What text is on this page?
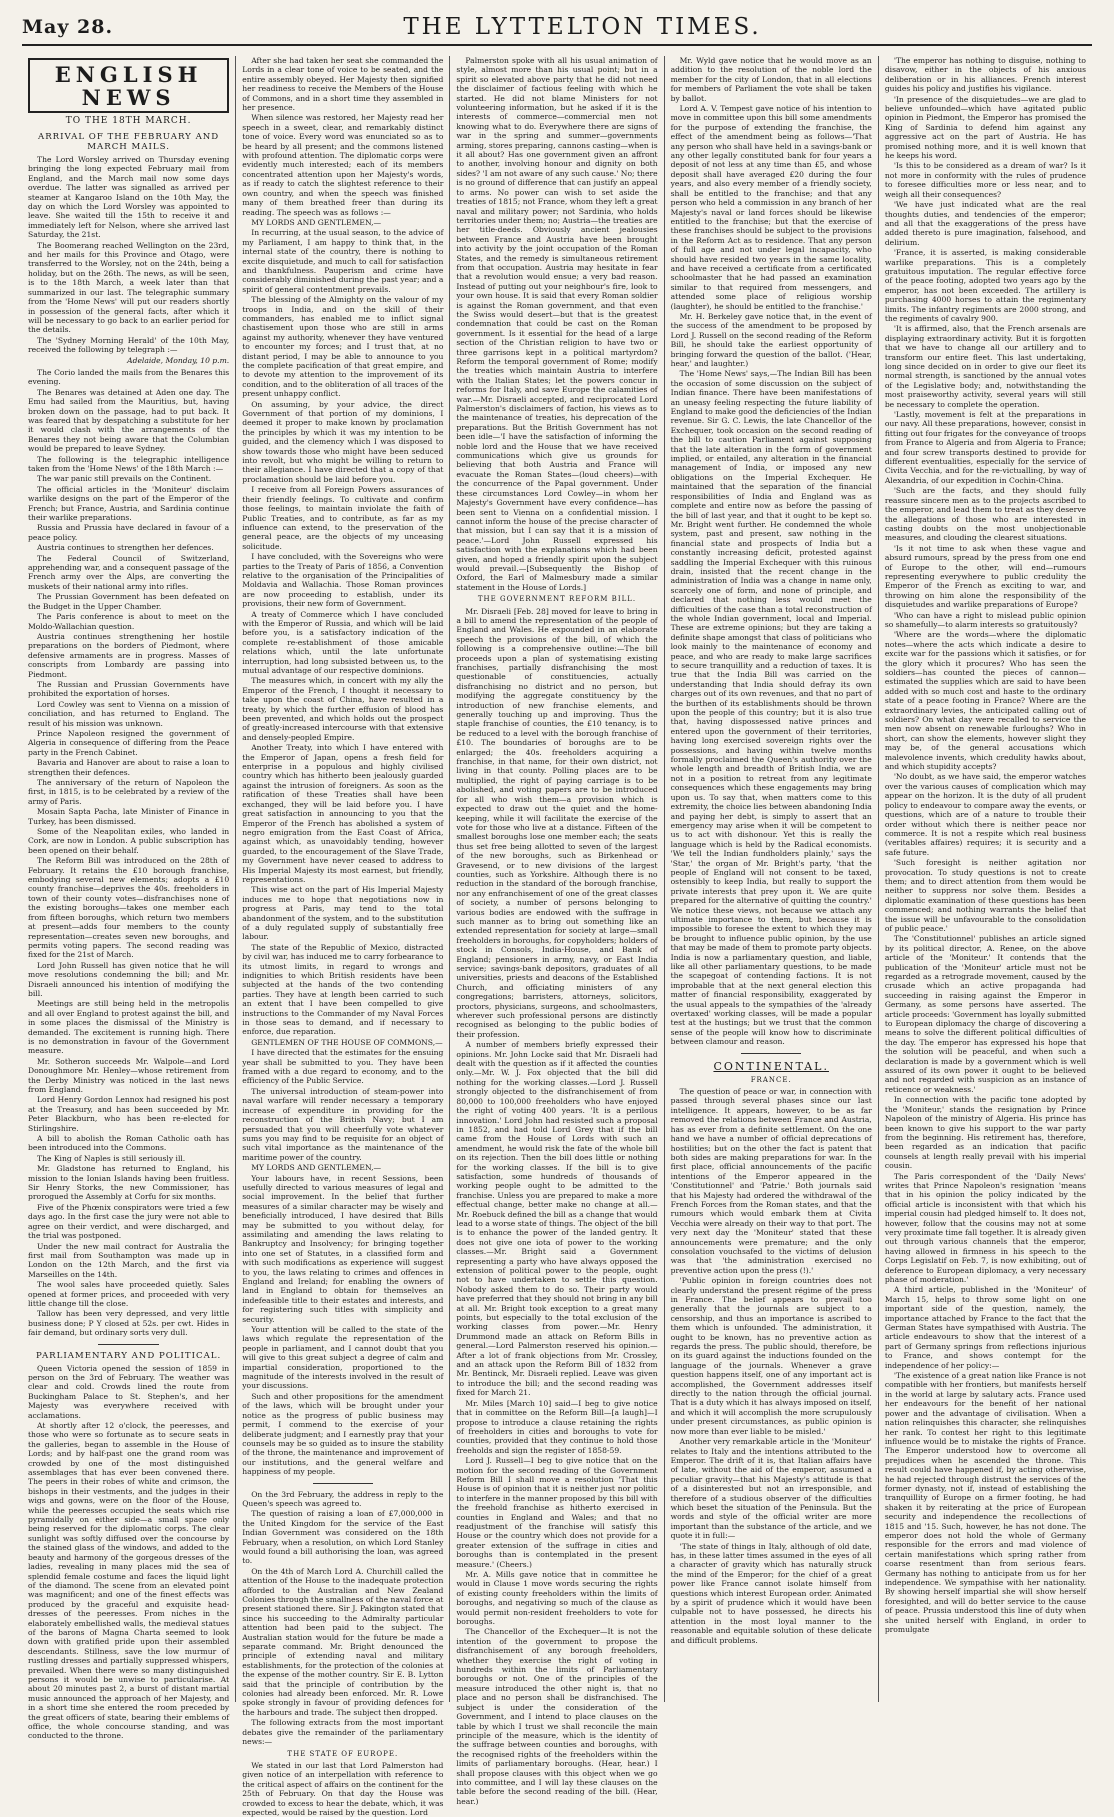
May 28.	THE LYTTELTON TIMES.
ENGLISH NEWS
TO THE 18TH MARCH.
ARRIVAL OF THE FEBRUARY AND MARCH MAILS.

The Lord Worsley arrived on Thursday evening bringing the long expected February mail from England, and the March mail now some days overdue. The latter was signalled as arrived per steamer at Kangaroo Island on the 10th May, the day on which the Lord Worsley was appointed to leave. She waited till the 15th to receive it and immediately left for Nelson, where she arrived last Saturday, the 21st.

The Boomerang reached Wellington on the 23rd, and her mails for this Province and Otago, were transferred to the Worsley, not on the 24th, being a holiday, but on the 26th. The news, as will be seen, is to the 18th March, a week later than that summarized in our last. The telegraphic summary from the 'Home News' will put our readers shortly in possession of the general facts, after which it will be necessary to go back to an earlier period for the details.

The 'Sydney Morning Herald' of the 10th May, received the following by telegraph :—

Adelaide, Monday, 10 p.m.

The Corio landed the mails from the Benares this evening.

The Benares was detained at Aden one day. The Emu had sailed from the Mauritius, but, having broken down on the passage, had to put back. It was feared that by despatching a substitute for her it would clash with the arrangements of the Benares they not being aware that the Columbian would be prepared to leave Sydney.

The following is the telegraphic intelligence taken from the 'Home News' of the 18th March :—

The war panic still prevails on the Continent.

The official articles in the 'Moniteur' disclaim warlike designs on the part of the Emperor of the French; but France, Austria, and Sardinia continue their warlike preparations.

Russia and Prussia have declared in favour of a peace policy.

Austria continues to strengthen her defences.

The Federal Council of Switzerland, apprehending war, and a consequent passage of the French army over the Alps, are converting the muskets of their national army into rifles.

The Prussian Government has been defeated on the Budget in the Upper Chamber.

The Paris conference is about to meet on the Moldo-Wallachian question.

Austria continues strengthening her hostile preparations on the borders of Piedmont, where defensive armaments are in progress. Masses of conscripts from Lombardy are passing into Piedmont.

The Russian and Prussian Governments have prohibited the exportation of horses.

Lord Cowley was sent to Vienna on a mission of conciliation, and has returned to England. The result of his mission was unknown.

Prince Napoleon resigned the government of Algeria in consequence of differing from the Peace party in the French Cabinet.

Bavaria and Hanover are about to raise a loan to strengthen their defences.

The anniversary of the return of Napoleon the first, in 1815, is to be celebrated by a review of the army of Paris.

Mosain Sapta Pacha, late Minister of Finance in Turkey, has been dismissed.

Some of the Neapolitan exiles, who landed in Cork, are now in London. A public subscription has been opened on their behalf.

The Reform Bill was introduced on the 28th of February. It retains the £10 borough franchise, embodying several new elements; adopts a £10 county franchise—deprives the 40s. freeholders in town of their county votes—disfranchises none of the existing boroughs—takes one member each from fifteen boroughs, which return two members at present—adds four members to the county representation—creates seven new boroughs, and permits voting papers. The second reading was fixed for the 21st of March.

Lord John Russell has given notice that he will move resolutions condemning the bill; and Mr. Disraeli announced his intention of modifying the bill.

Meetings are still being held in the metropolis and all over England to protest against the bill, and in some places the dismissal of the Ministry is demanded. The excitement is running high. There is no demonstration in favour of the Government measure.

Mr. Sotheron succeeds Mr. Walpole—and Lord Donoughmore Mr. Henley—whose retirement from the Derby Ministry was noticed in the last news from England.

Lord Henry Gordon Lennox had resigned his post at the Treasury, and has been succeeded by Mr. Peter Blackburn, who has been re-elected for Stirlingshire.

A bill to abolish the Roman Catholic oath has been introduced into the Commons.

The King of Naples is still seriously ill.

Mr. Gladstone has returned to England, his mission to the Ionian Islands having been fruitless. Sir Henry Storks, the new Commissioner, has prorogued the Assembly at Corfu for six months.

Five of the Phœnix conspirators were tried a few days ago. In the first case the jury were not able to agree on their verdict, and were discharged, and the trial was postponed.

Under the new mail contract for Australia the first mail from Southampton was made up in London on the 12th March, and the first via Marseilles on the 14th.

The wool sales have proceeded quietly. Sales opened at former prices, and proceeded with very little change till the close.

Tallow has been very depressed, and very little business done; P Y closed at 52s. per cwt. Hides in fair demand, but ordinary sorts very dull.

PARLIAMENTARY AND POLITICAL.

Queen Victoria opened the session of 1859 in person on the 3rd of February. The weather was clear and cold. Crowds lined the route from Buckingham Palace to St. Stephen's, and her Majesty was everywhere received with acclamations.

At shortly after 12 o'clock, the peeresses, and those who were so fortunate as to secure seats in the galleries, began to assemble in the House of Lords; and by half-past one the grand room was crowded by one of the most distinguished assemblages that has ever been convened there. The peers in their robes of white and crimson, the bishops in their vestments, and the judges in their wigs and gowns, were on the floor of the House, while the peeresses occupied the seats which rise pyramidally on either side—a small space only being reserved for the diplomatic corps. The clear sunlight was softly diffused over the concourse by the stained glass of the windows, and added to the beauty and harmony of the gorgeous dresses of the ladies, revealing in many places mid the sea of splendid female costume and faces the liquid light of the diamond. The scene from an elevated point was magnificent; and one of the finest effects was produced by the graceful and exquisite head-dresses of the peeresses. From niches in the elaborately embellished walls, the medieval statues of the barons of Magna Charta seemed to look down with gratified pride upon their assembled descendants. Stillness, save the low murmur of rustling dresses and partially suppressed whispers, prevailed. When there were so many distinguished persons it would be unwise to particularise. At about 20 minutes past 2, a burst of distant martial music announced the approach of her Majesty, and in a short time she entered the room preceded by the great officers of state, bearing their emblems of office, the whole concourse standing, and was conducted to the throne.

After she had taken her seat she commanded the Lords in a clear tone of voice to be seated, and the entire assembly obeyed. Her Majesty then signified her readiness to receive the Members of the House of Commons, and in a short time they assembled in her presence.

When silence was restored, her Majesty read her speech in a sweet, clear, and remarkably distinct tone of voice. Every word was enunciated so as to be heard by all present; and the commons listened with profound attention. The diplomatic corps were evidently much interested; each of its members concentrated attention upon her Majesty's words, as if ready to catch the slightest reference to their own country, and when the speech was finished many of them breathed freer than during its reading. The speech was as follows :—

MY LORDS AND GENTLEMEN,—

In recurring, at the usual season, to the advice of my Parliament, I am happy to think that, in the internal state of the country, there is nothing to excite disquietude, and much to call for satisfaction and thankfulness. Pauperism and crime have considerably diminished during the past year; and a spirit of general contentment prevails.

The blessing of the Almighty on the valour of my troops in India, and on the skill of their commanders, has enabled me to inflict signal chastisement upon those who are still in arms against my authority, whenever they have ventured to encounter my forces; and I trust that, at no distant period, I may be able to announce to you the complete pacification of that great empire, and to devote my attention to the improvement of its condition, and to the obliteration of all traces of the present unhappy conflict.

On assuming, by your advice, the direct Government of that portion of my dominions, I deemed it proper to make known by proclamation the principles by which it was my intention to be guided, and the clemency which I was disposed to show towards those who might have been seduced into revolt, but who might be willing to return to their allegiance. I have directed that a copy of that proclamation should be laid before you.

I receive from all Foreign Powers assurances of their friendly feelings. To cultivate and confirm those feelings, to maintain inviolate the faith of Public Treaties, and to contribute, as far as my influence can extend, to the preservation of the general peace, are the objects of my unceasing solicitude.

I have concluded, with the Sovereigns who were parties to the Treaty of Paris of 1856, a Convention relative to the organisation of the Principalities of Moldavia and Wallachia. Those Roman provinces are now proceeding to establish, under its provisions, their new form of Government.

A treaty of Commerce which I have concluded with the Emperor of Russia, and which will be laid before you, is a satisfactory indication of the complete re-establishment of those amicable relations which, until the late unfortunate interruption, had long subsisted between us, to the mutual advantage of our respective dominions.

The measures which, in concert with my ally the Emperor of the French, I thought it necessary to take upon the coast of China, have resulted in a treaty, by which the further effusion of blood has been prevented, and which holds out the prospect of greatly-increased intercourse with that extensive and densely-peopled Empire.

Another Treaty, into which I have entered with the Emperor of Japan, opens a fresh field for enterprise in a populous and highly civilised country which has hitherto been jealously guarded against the intrusion of foreigners. As soon as the ratification of these Treaties shall have been exchanged, they will be laid before you. I have great satisfaction in announcing to you that the Emperor of the French has abolished a system of negro emigration from the East Coast of Africa, against which, as unavoidably tending, however guarded, to the encouragement of the Slave Trade, my Government have never ceased to address to His Imperial Majesty its most earnest, but friendly, representations.

This wise act on the part of His Imperial Majesty induces me to hope that negotiations now in progress at Paris, may tend to the total abandonment of the system, and to the substitution of a duly regulated supply of substantially free labour.

The state of the Republic of Mexico, distracted by civil war, has induced me to carry forbearance to its utmost limits, in regard to wrongs and indignities to which British residents have been subjected at the hands of the two contending parties. They have at length been carried to such an extent that I have been compelled to give instructions to the Commander of my Naval Forces in those seas to demand, and if necessary to enforce, due reparation.

GENTLEMEN OF THE HOUSE OF COMMONS,—

I have directed that the estimates for the ensuing year shall be submitted to you. They have been framed with a due regard to economy, and to the efficiency of the Public Service.

The universal introduction of steam-power into naval warfare will render necessary a temporary increase of expenditure in providing for the reconstruction of the British Navy; but I am persuaded that you will cheerfully vote whatever sums you may find to be requisite for an object of such vital importance as the maintenance of the maritime power of the country.

MY LORDS AND GENTLEMEN,—

Your labours have, in recent Sessions, been usefully directed to various measures of legal and social improvement. In the belief that further measures of a similar character may be wisely and beneficially introduced, I have desired that Bills may be submitted to you without delay, for assimilating and amending the laws relating to Bankruptcy and Insolvency; for bringing together into one set of Statutes, in a classified form and with such modifications as experience will suggest to you, the laws relating to crimes and offences in England and Ireland; for enabling the owners of land in England to obtain for themselves an indefeasible title to their estates and interests, and for registering such titles with simplicity and security.

Your attention will be called to the state of the laws which regulate the representation of the people in parliament, and I cannot doubt that you will give to this great subject a degree of calm and impartial consideration, proportioned to the magnitude of the interests involved in the result of your discussions.

Such and other propositions for the amendment of the laws, which will be brought under your notice as the progress of public business may permit, I commend to the exercise of your deliberate judgment; and I earnestly pray that your counsels may be so guided as to insure the stability of the throne, the maintenance and improvement of our institutions, and the general welfare and happiness of my people.

On the 3rd February, the address in reply to the Queen's speech was agreed to.

The question of raising a loan of £7,000,000 in the United Kingdom for the service of the East Indian Government was considered on the 18th February, when a resolution, on which Lord Stanley would found a bill authorising the loan, was agreed to.

On the 4th of March Lord A. Churchill called the attention of the House to the inadequate protection afforded to the Australian and New Zealand Colonies through the smallness of the naval force at present stationed there. Sir J. Pakington stated that since his succeeding to the Admiralty particular attention had been paid to the subject. The Australian station would for the future be made a separate command. Mr. Bright denounced the principle of extending naval and military establishments, for the protection of the colonies at the expense of the mother country. Sir E. B. Lytton said that the principle of contribution by the colonies had already been enforced. Mr. R. Lowe spoke strongly in favour of providing defences for the harbours and trade. The subject then dropped.

The following extracts from the most important debates give the remainder of the parliamentary news:—

THE STATE OF EUROPE.

We stated in our last that Lord Palmerston had given notice of an interpellation with reference to the critical aspect of affairs on the continent for the 25th of February. On that day the House was crowded to excess to hear the debate, which, it was expected, would be raised by the question. Lord

Palmerston spoke with all his usual animation of style, almost more than his usual point; but in a spirit so elevated above party that he did not need the disclaimer of factious feeling with which he started. He did not blame Ministers for not volunteering information, but he asked if it is the interests of commerce—commercial men not knowing what to do. Everywhere there are signs of war in the spring and summer—governments arming, stores preparing, cannons casting—when is it all about? Has one government given an affront to another, involving honour and dignity on both sides? 'I am not aware of any such cause.' No; there is no ground of difference that can justify an appeal to arms. No power can wish to set aside the treaties of 1815; not France, whom they left a great naval and military power; not Sardinia, who holds territories under them; no; Austria—the treaties are her title-deeds. Obviously ancient jealousies between France and Austria have been brought into activity by the joint occupation of the Roman States, and the remedy is simultaneous retirement from that occupation. Austria may hesitate in fear that a revolution would ensue; a very bad reason. Instead of putting out your neighbour's fire, look to your own house. It is said that every Roman soldier is against the Roman government, and that even the Swiss would desert—but that is the greatest condemnation that could be cast on the Roman government. Is it essential for the head of a large section of the Christian religion to have two or three garrisons kept in a political martyrdom? Reform the temporal government of Rome; modify the treaties which maintain Austria to interfere with the Italian States; let the powers concur in reforms for Italy, and save Europe the calamities of war.—Mr. Disraeli accepted, and reciprocated Lord Palmerston's disclaimers of faction, his views as to the maintenance of treaties, his deprecation of the preparations. But the British Government has not been idle—'I have the satisfaction of informing the noble lord and the House that we have received communications which give us grounds for believing that both Austria and France will evacuate the Roman States—(loud cheers)—with the concurrence of the Papal government. Under these circumstances Lord Cowley—in whom her Majesty's Government have every confidence—has been sent to Vienna on a confidential mission. I cannot inform the house of the precise character of that mission, but I can say that it is a mission of peace.'—Lord John Russell expressed his satisfaction with the explanations which had been given, and hoped a friendly spirit upon the subject would prevail.—[Subsequently the Bishop of Oxford, the Earl of Malmesbury made a similar statement in the House of Lords.]

THE GOVERNMENT REFORM BILL.

Mr. Disraeli [Feb. 28] moved for leave to bring in a bill to amend the representation of the people of England and Wales. He expounded in an elaborate speech the provisions of the bill, of which the following is a comprehensive outline:—The bill proceeds upon a plan of systematising existing franchises, partially disfranchising the most questionable of constituencies, actually disfranchising no district and no person, but modifying the aggregate constituency by the introduction of new franchise elements, and generally touching up and improving. Thus the staple franchise of counties, the £10 tenancy, is to be reduced to a level with the borough franchise of £10. The boundaries of boroughs are to be enlarged; the 40s. freeholders acquiring a franchise, in that name, for their own district, not living in that county. Polling places are to be multiplied, the right of paying carriage is to be abolished, and voting papers are to be introduced for all who wish them—a provision which is expected to draw out the quiet and the home-keeping, while it will facilitate the exercise of the vote for those who live at a distance. Fifteen of the smallest boroughs lose one member each; the seats thus set free being allotted to seven of the largest of the new boroughs, such as Birkenhead or Gravesend, or to new divisions of the largest counties, such as Yorkshire. Although there is no reduction in the standard of the borough franchise, nor any enfranchisement of one of the great classes of society, a number of persons belonging to various bodies are endowed with the suffrage in such manner as to bring out something like an extended representation for society at large—small freeholders in boroughs, for copyholders; holders of stock in Consols, India-House, and Bank of England; pensioners in army, navy, or East India service; savings-bank depositors, graduates of all universities, priests and deacons of the Established Church, and officiating ministers of any congregations; barristers, attorneys, solicitors, proctors, physicians, surgeons, and schoolmasters, wherever such professional persons are distinctly recognised as belonging to the public bodies of their profession.

A number of members briefly expressed their opinions. Mr. John Locke said that Mr. Disraeli had dealt with the question as if it affected the counties only.—Mr. W. J. Fox objected that the bill did nothing for the working classes.—Lord J. Russell strongly objected to the disfranchisement of from 80,000 to 100,000 freeholders who have enjoyed the right of voting 400 years. 'It is a perilous innovation.' Lord John had resisted such a proposal in 1852, and had told Lord Grey that if the bill came from the House of Lords with such an amendment, he would risk the fate of the whole bill on its rejection. Then the bill does little or nothing for the working classes. If the bill is to give satisfaction, some hundreds of thousands of working people ought to be admitted to the franchise. Unless you are prepared to make a more effectual change, better make no change at all.—Mr. Roebuck defined the bill as a change that would lead to a worse state of things. The object of the bill is to enhance the power of the landed gentry. It does not give one iota of power to the working classes.—Mr. Bright said a Government representing a party who have always opposed the extension of political power to the people, ought not to have undertaken to settle this question. Nobody asked them to do so. Their party would have preferred that they should not bring in any bill at all. Mr. Bright took exception to a great many points, but especially to the total exclusion of the working classes from power.—Mr. Henry Drummond made an attack on Reform Bills in general.—Lord Palmerston reserved his opinion.—After a lot of frank objections from Mr. Crossley, and an attack upon the Reform Bill of 1832 from Mr. Bentinck, Mr. Disraeli replied. Leave was given to introduce the bill; and the second reading was fixed for March 21.

Mr. Miles [March 10] said—I beg to give notice that in committee on the Reform Bill—[a laugh]—I propose to introduce a clause retaining the rights of freeholders in cities and boroughs to vote for counties, provided that they continue to hold those freeholds and sign the register of 1858-59.

Lord J. Russell—I beg to give notice that on the motion for the second reading of the Government Reform Bill I shall move a resolution 'That this House is of opinion that it is neither just nor politic to interfere in the manner proposed by this bill with the freehold franchise as hitherto exercised in counties in England and Wales; and that no readjustment of the franchise will satisfy this House or the country which does not provide for a greater extension of the suffrage in cities and boroughs than is contemplated in the present measure.' (Cheers.)

Mr. A. Mills gave notice that in committee he would in Clause 1 move words securing the rights of existing county freeholders within the limits of boroughs, and negativing so much of the clause as would permit non-resident freeholders to vote for boroughs.

The Chancellor of the Exchequer—It is not the intention of the government to propose the disfranchisement of any borough freeholders, whether they exercise the right of voting in hundreds within the limits of Parliamentary boroughs or not. One of the principles of the measure introduced the other night is, that no place and no person shall be disfranchised. The subject is under the consideration of the Government, and I intend to place clauses on the table by which I trust we shall reconcile the main principle of the measure, which is the identity of the suffrage between counties and boroughs, with the recognised rights of the freeholders within the limits of parliamentary boroughs. (Hear, hear.) I shall propose clauses with this object when we go into committee, and I will lay these clauses on the table before the second reading of the bill. (Hear, hear.)

Mr. Wyld gave notice that he would move as an addition to the resolution of the noble lord the member for the city of London, that in all elections for members of Parliament the vote shall be taken by ballot.

Lord A. V. Tempest gave notice of his intention to move in committee upon this bill some amendments for the purpose of extending the franchise, the effect of the amendment being as follows—'That any person who shall have held in a savings-bank or any other legally constituted bank for four years a deposit of not less at any time than £5, and whose deposit shall have averaged £20 during the four years, and also every member of a friendly society, shall be entitled to the franchise; and that any person who held a commission in any branch of her Majesty's naval or land forces should be likewise entitled to the franchise; but that the exercise of these franchises should be subject to the provisions in the Reform Act as to residence. That any person of full age and not under legal incapacity, who should have resided two years in the same locality, and have received a certificate from a certificated schoolmaster that he had passed an examination similar to that required from messengers, and attended some place of religious worship (laughter), he should be entitled to the franchise.'

Mr. H. Berkeley gave notice that, in the event of the success of the amendment to be proposed by Lord J. Russell on the second reading of the Reform Bill, he should take the earliest opportunity of bringing forward the question of the ballot. ('Hear, hear,' and laughter.)

The 'Home News' says,—The Indian Bill has been the occasion of some discussion on the subject of Indian finance. There have been manifestations of an uneasy feeling respecting the future liability of England to make good the deficiencies of the Indian revenue. Sir G. C. Lewis, the late Chancellor of the Exchequer, took occasion on the second reading of the bill to caution Parliament against supposing that the late alteration in the form of government implied, or entailed, any alteration in the financial management of India, or imposed any new obligations on the Imperial Exchequer. He maintained that the separation of the financial responsibilities of India and England was as complete and entire now as before the passing of the bill of last year, and that it ought to be kept so. Mr. Bright went further. He condemned the whole system, past and present, saw nothing in the financial state and prospects of India but a constantly increasing deficit, protested against saddling the Imperial Exchequer with this ruinous drain, insisted that the recent change in the administration of India was a change in name only, scarcely one of form, and none of principle, and declared that nothing less would meet the difficulties of the case than a total reconstruction of the whole Indian government, local and Imperial. These are extreme opinions; but they are taking a definite shape amongst that class of politicians who look mainly to the maintenance of economy and peace, and who are ready to make large sacrifices to secure tranquillity and a reduction of taxes. It is true that the India Bill was carried on the understanding that India should defray its own charges out of its own revenues, and that no part of the burthen of its establishments should be thrown upon the people of this country; but it is also true that, having dispossessed native princes and entered upon the government of their territories, having long exercised sovereign rights over the possessions, and having within twelve months formally proclaimed the Queen's authority over the whole length and breadth of British India, we are not in a position to retreat from any legitimate consequences which these engagements may bring upon us. To say that, when matters come to this extremity, the choice lies between abandoning India and paying her debt, is simply to assert that an emergency may arise when it will be competent to us to act with dishonour. Yet this is really the language which is held by the Radical economists. 'We tell the Indian fundholders plainly,' says the 'Star,' the organ of Mr. Bright's party, 'that the people of England will not consent to be taxed, ostensibly to keep India, but really to support the private interests that prey upon it. We are quite prepared for the alternative of quitting the country.' We notice these views, not because we attach any ultimate importance to them, but because it is impossible to foresee the extent to which they may be brought to influence public opinion, by the use that may be made of them to promote party objects. India is now a parliamentary question, and liable, like all other parliamentary questions, to be made the scapegoat of contending factions. It is not improbable that at the next general election this matter of financial responsibility, exaggerated by the usual appeals to the sympathies of the 'already overtaxed' working classes, will be made a popular test at the hustings; but we trust that the common sense of the people will know how to discriminate between clamour and reason.

CONTINENTAL.
FRANCE.

The question of peace or war, in connection with passed through several phases since our last intelligence. It appears, however, to be as far removed the relations between France and Austria, has as ever from a definite settlement. On the one hand we have a number of official deprecations of hostilities; but on the other the fact is patent that both sides are making preparations for war. In the first place, official announcements of the pacific intentions of the Emperor appeared in the 'Constitutionnel' and 'Patrie.' Both journals said that his Majesty had ordered the withdrawal of the French Forces from the Roman states, and that the rumours which would embark them at Civita Vecchia were already on their way to that port. The very next day the 'Moniteur' stated that these announcements were premature; and the only consolation vouchsafed to the victims of delusion was that 'the administration exercised no preventive action upon the press (!).'

'Public opinion in foreign countries does not clearly understand the present régime of the press in France. The belief appears to prevail too generally that the journals are subject to a censorship, and thus an importance is ascribed to them which is unfounded. The administration, it ought to be known, has no preventive action as regards the press. The public should, therefore, be on its guard against the inductions founded on the language of the journals. Whenever a grave question happens itself, one of any important act is accomplished, the Government addresses itself directly to the nation through the official journal. That is a duty which it has always imposed on itself, and which it will accomplish the more scrupulously under present circumstances, as public opinion is now more than ever liable to be misled.'

Another very remarkable article in the 'Moniteur' relates to Italy and the intentions attributed to the Emperor. The drift of it is, that Italian affairs have of late, without the aid of the emperor, assumed a peculiar gravity—that his Majesty's attitude is that of a disinterested but not an irresponsible, and therefore of a studious observer of the difficulties which beset the situation of the Peninsula. But the words and style of the official writer are more important than the substance of the article, and we quote it in full:—

'The state of things in Italy, although of old date, has, in these latter times assumed in the eyes of all a character of gravity which has naturally struck the mind of the Emperor; for the chief of a great power like France cannot isolate himself from questions which interest European order. Animated by a spirit of prudence which it would have been culpable not to have possessed, he directs his attention in the most loyal manner to the reasonable and equitable solution of these delicate and difficult problems.

'The emperor has nothing to disguise, nothing to disavow, either in the objects of his anxious deliberation or in his alliances. French interest guides his policy and justifies his vigilance.

'In presence of the disquietudes—we are glad to believe unfounded—which have agitated public opinion in Piedmont, the Emperor has promised the King of Sardinia to defend him against any aggressive act on the part of Austria. He has promised nothing more, and it is well known that he keeps his word.

'Is this to be considered as a dream of war? Is it not more in conformity with the rules of prudence to foresee difficulties more or less near, and to weigh all their consequences?

'We have just indicated what are the real thoughts duties, and tendencies of the emperor; and all that the exaggerations of the press have added thereto is pure imagination, falsehood, and delirium.

'France, it is asserted, is making considerable warlike preparations. This is a completely gratuitous imputation. The regular effective force of the peace footing, adopted two years ago by the emperor, has not been exceeded. The artillery is purchasing 4000 horses to attain the regimentary limits. The infantry regiments are 2000 strong, and the regiments of cavalry 900.

'It is affirmed, also, that the French arsenals are displaying extraordinary activity. But it is forgotten that we have to change all our artillery and to transform our entire fleet. This last undertaking, long since decided on in order to give our fleet its normal strength, is sanctioned by the annual votes of the Legislative body; and, notwithstanding the most praiseworthy activity, several years will still be necessary to complete the operation.

'Lastly, movement is felt at the preparations in our navy. All these preparations, however, consist in fitting out four frigates for the conveyance of troops from France to Algeria and from Algeria to France; and four screw transports destined to provide for different eventualities, especially for the service of Civita Vecchia, and for the re-victualling, by way of Alexandria, of our expedition in Cochin-China.

'Such are the facts, and they should fully reassure sincere men as to the projects ascribed to the emperor, and lead them to treat as they deserve the allegations of those who are interested in casting doubts on the most unobjectionable measures, and clouding the clearest situations.

'Is it not time to ask when these vague and absurd rumours, spread by the press from one end of Europe to the other, will end—rumours representing everywhere to public credulity the Emperor of the French as exciting to war, and throwing on him alone the responsibility of the disquietudes and warlike preparations of Europe?

'Who can have a right to mislead public opinion so shamefully—to alarm interests so gratuitously?

'Where are the words—where the diplomatic notes—where the acts which indicate a desire to excite war for the passions which it satisfies, or for the glory which it procures? Who has seen the soldiers—has counted the pieces of cannon—estimated the supplies which are said to have been added with so much cost and haste to the ordinary state of a peace footing in France? Where are the extraordinary levies, the anticipated calling out of soldiers? On what day were recalled to service the men now absent on renewable furloughs? Who in short, can show the elements, however slight they may be, of the general accusations which malevolence invents, which credulity hawks about, and which stupidity accepts?

'No doubt, as we have said, the emperor watches over the various causes of complication which may appear on the horizon. It is the duty of all prudent policy to endeavour to compare away the events, or questions, which are of a nature to trouble their order without which there is neither peace nor commerce. It is not a respite which real business (veritables affaires) requires; it is security and a safe future.

'Such foresight is neither agitation nor provocation. To study questions is not to create them; and to direct attention from them would be neither to suppress nor solve them. Besides a diplomatic examination of these questions has been commenced; and nothing warrants the belief that the issue will be unfavourable to the consolidation of public peace.'

The 'Constitutionnel' publishes an article signed by its political director, A. Renee, on the above article of the 'Moniteur.' It contends that the publication of the 'Moniteur' article must not be regarded as a retrograde movement, caused by the crusade which an active propaganda had succeeding in raising against the Emperor in Germany, as some persons have asserted. The article proceeds: 'Government has loyally submitted to European diplomacy the charge of discovering a means to solve the different political difficulties of the day. The emperor has expressed his hope that the solution will be peaceful, and when such a declaration is made by a government which is well assured of its own power it ought to be believed and not regarded with suspicion as an instance of reticence or weakness.'

In connection with the pacific tone adopted by the 'Moniteur,' stands the resignation by Prince Napoleon of the ministry of Algeria. His prince has been known to give his support to the war party from the beginning. His retirement has, therefore, been regarded as an indication that pacific counsels at length really prevail with his imperial cousin.

The Paris correspondent of the 'Daily News' writes that Prince Napoleon's resignation 'means that in his opinion the policy indicated by the official article is inconsistent with that which his imperial cousin had pledged himself to. It does not, however, follow that the cousins may not at some very proximate time fall together. It is already given out through various channels that the emperor, having allowed in firmness in his speech to the Corps Legislatif on Feb. 7, is now exhibiting, out of deference to European diplomacy, a very necessary phase of moderation.'

A third article, published in the 'Moniteur' of March 15, helps to throw some light on one important side of the question, namely, the importance attached by France to the fact that the German States have sympathised with Austria. The article endeavours to show that the interest of a part of Germany springs from reflections injurious to France, and shows contempt for the independence of her policy:—

'The existence of a great nation like France is not compatible with her frontiers, but manifests herself in the world at large by salutary acts. France used her endeavours for the benefit of her national power and the advantage of civilisation. When a nation relinquishes this character, she relinquishes her rank. To contest her right to this legitimate influence would be to mistake the rights of France. The Emperor understood how to overcome all prejudices when he ascended the throne. This result could have happened if, by acting otherwise, he had rejected through distrust the services of the former dynasty, not if, instead of establishing the tranquillity of Europe on a firmer footing, he had shaken it by reiterating at the price of European security and independence the recollections of 1815 and '15. Such, however, he has not done. The emperor does not hold the whole of Germany responsible for the errors and mad violence of certain manifestations which spring rather from coarse resentment than from serious fears. Germany has nothing to anticipate from us for her independence. We sympathise with her nationality. By showing herself impartial she will show herself foresighted, and will do better service to the cause of peace. Prussia understood this line of duty when she united herself with England, in order to promulgate
